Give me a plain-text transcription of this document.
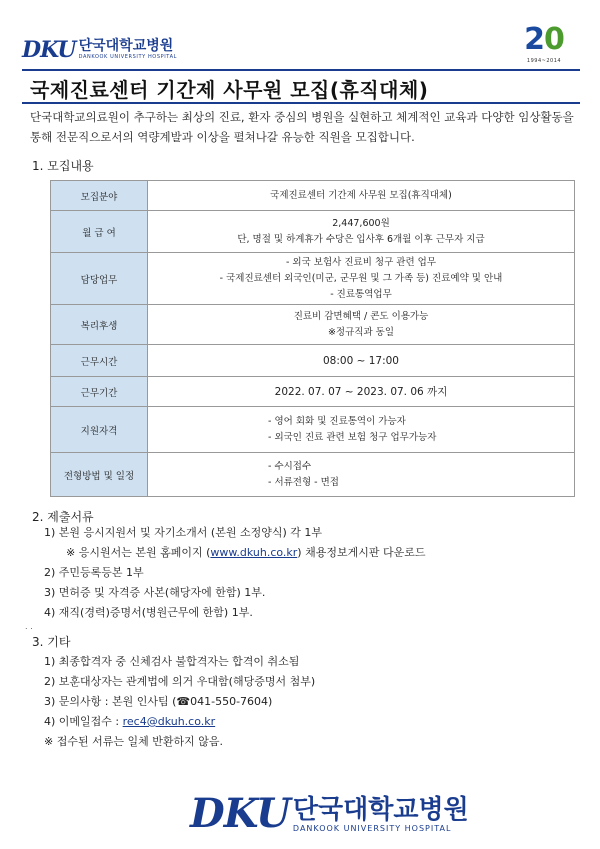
DKU 단국대학교병원
DANKOOK UNIVERSITY HOSPITAL	20
1994~2014
국제진료센터 기간제 사무원 모집(휴직대체)
단국대학교의료원이 추구하는 최상의 진료, 환자 중심의 병원을 실현하고 체계적인 교육과 다양한 임상활동을 통해 전문직으로서의 역량계발과 이상을 펼쳐나갈 유능한 직원을 모집합니다.
1. 모집내용
모집분야	국제진료센터 기간제 사무원 모집(휴직대체)

월 급 여	2,447,600원
단, 명절 및 하계휴가 수당은 입사후 6개월 이후 근무자 지급

담당업무	- 외국 보험사 진료비 청구 관련 업무
- 국제진료센터 외국인(미군, 군무원 및 그 가족 등) 진료예약 및 안내
- 진료통역업무

복리후생	진료비 감면혜택 / 콘도 이용가능
※정규직과 동일

근무시간	08:00 ~ 17:00

근무기간	2022. 07. 07 ~ 2023. 07. 06 까지

지원자격	- 영어 회화 및 진료통역이 가능자
- 외국인 진료 관련 보험 청구 업무가능자

전형방법 및 일정	- 수시접수
- 서류전형 - 면접
2. 제출서류
1) 본원 응시지원서 및 자기소개서 (본원 소정양식) 각 1부
※ 응시원서는 본원 홈페이지 (www.dkuh.co.kr) 채용정보게시판 다운로드
2) 주민등록등본 1부
3) 면허증 및 자격증 사본(해당자에 한함) 1부.
4) 재직(경력)증명서(병원근무에 한함) 1부.
. .
3. 기타
1) 최종합격자 중 신체검사 불합격자는 합격이 취소됨
2) 보훈대상자는 관계법에 의거 우대함(해당증명서 첨부)
3) 문의사항 : 본원 인사팀 (☎041-550-7604)
4) 이메일접수 : rec4@dkuh.co.kr
※ 접수된 서류는 일체 반환하지 않음.
DKU 단국대학교병원
DANKOOK UNIVERSITY HOSPITAL
